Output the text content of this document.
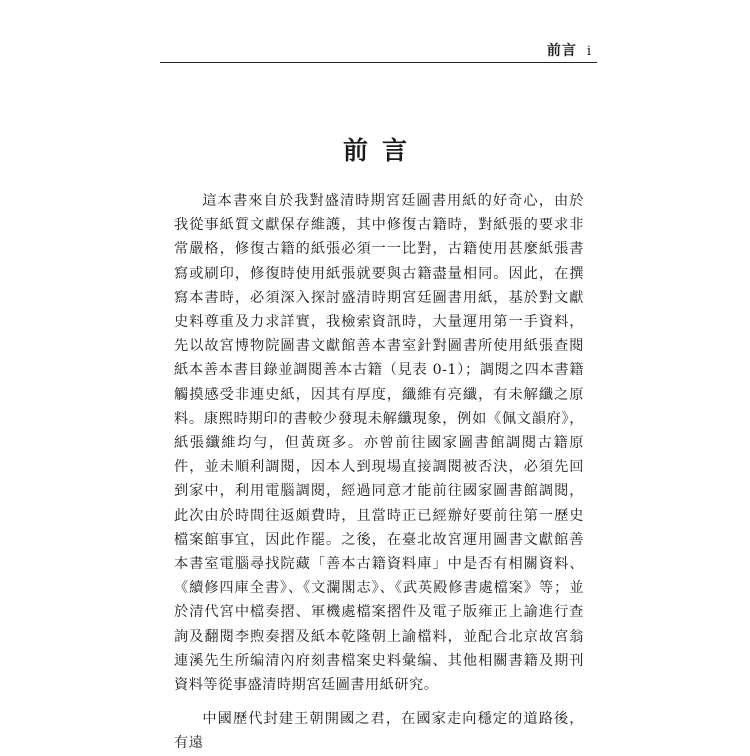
前言 i
前言

這本書來自於我對盛清時期宮廷圖書用紙的好奇心，由於我從事紙質文獻保存維護，其中修復古籍時，對紙張的要求非常嚴格，修復古籍的紙張必須一一比對，古籍使用甚麼紙張書寫或刷印，修復時使用紙張就要與古籍盡量相同。因此，在撰寫本書時，必須深入探討盛清時期宮廷圖書用紙，基於對文獻史料尊重及力求詳實，我檢索資訊時，大量運用第一手資料，先以故宮博物院圖書文獻館善本書室針對圖書所使用紙張查閱紙本善本書目錄並調閱善本古籍（見表 0-1）；調閱之四本書籍觸摸感受非連史紙，因其有厚度，纖維有亮纖，有未解纖之原料。康熙時期印的書較少發現未解纖現象，例如《佩文韻府》，紙張纖維均勻，但黃斑多。亦曾前往國家圖書館調閱古籍原件，並未順利調閱，因本人到現場直接調閱被否決，必須先回到家中，利用電腦調閱，經過同意才能前往國家圖書館調閱，此次由於時間往返頗費時，且當時正已經辦好要前往第一歷史檔案館事宜，因此作罷。之後，在臺北故宮運用圖書文獻館善本書室電腦尋找院藏「善本古籍資料庫」中是否有相關資料、《續修四庫全書》、《文瀾閣志》、《武英殿修書處檔案》等；並於清代宮中檔奏摺、軍機處檔案摺件及電子版雍正上諭進行查詢及翻閱李煦奏摺及紙本乾隆朝上諭檔料，並配合北京故宮翁連溪先生所编清內府刻書檔案史料彙编、其他相關書籍及期刊資料等從事盛清時期宮廷圖書用紙研究。

中國歷代封建王朝開國之君，在國家走向穩定的道路後，有遠
